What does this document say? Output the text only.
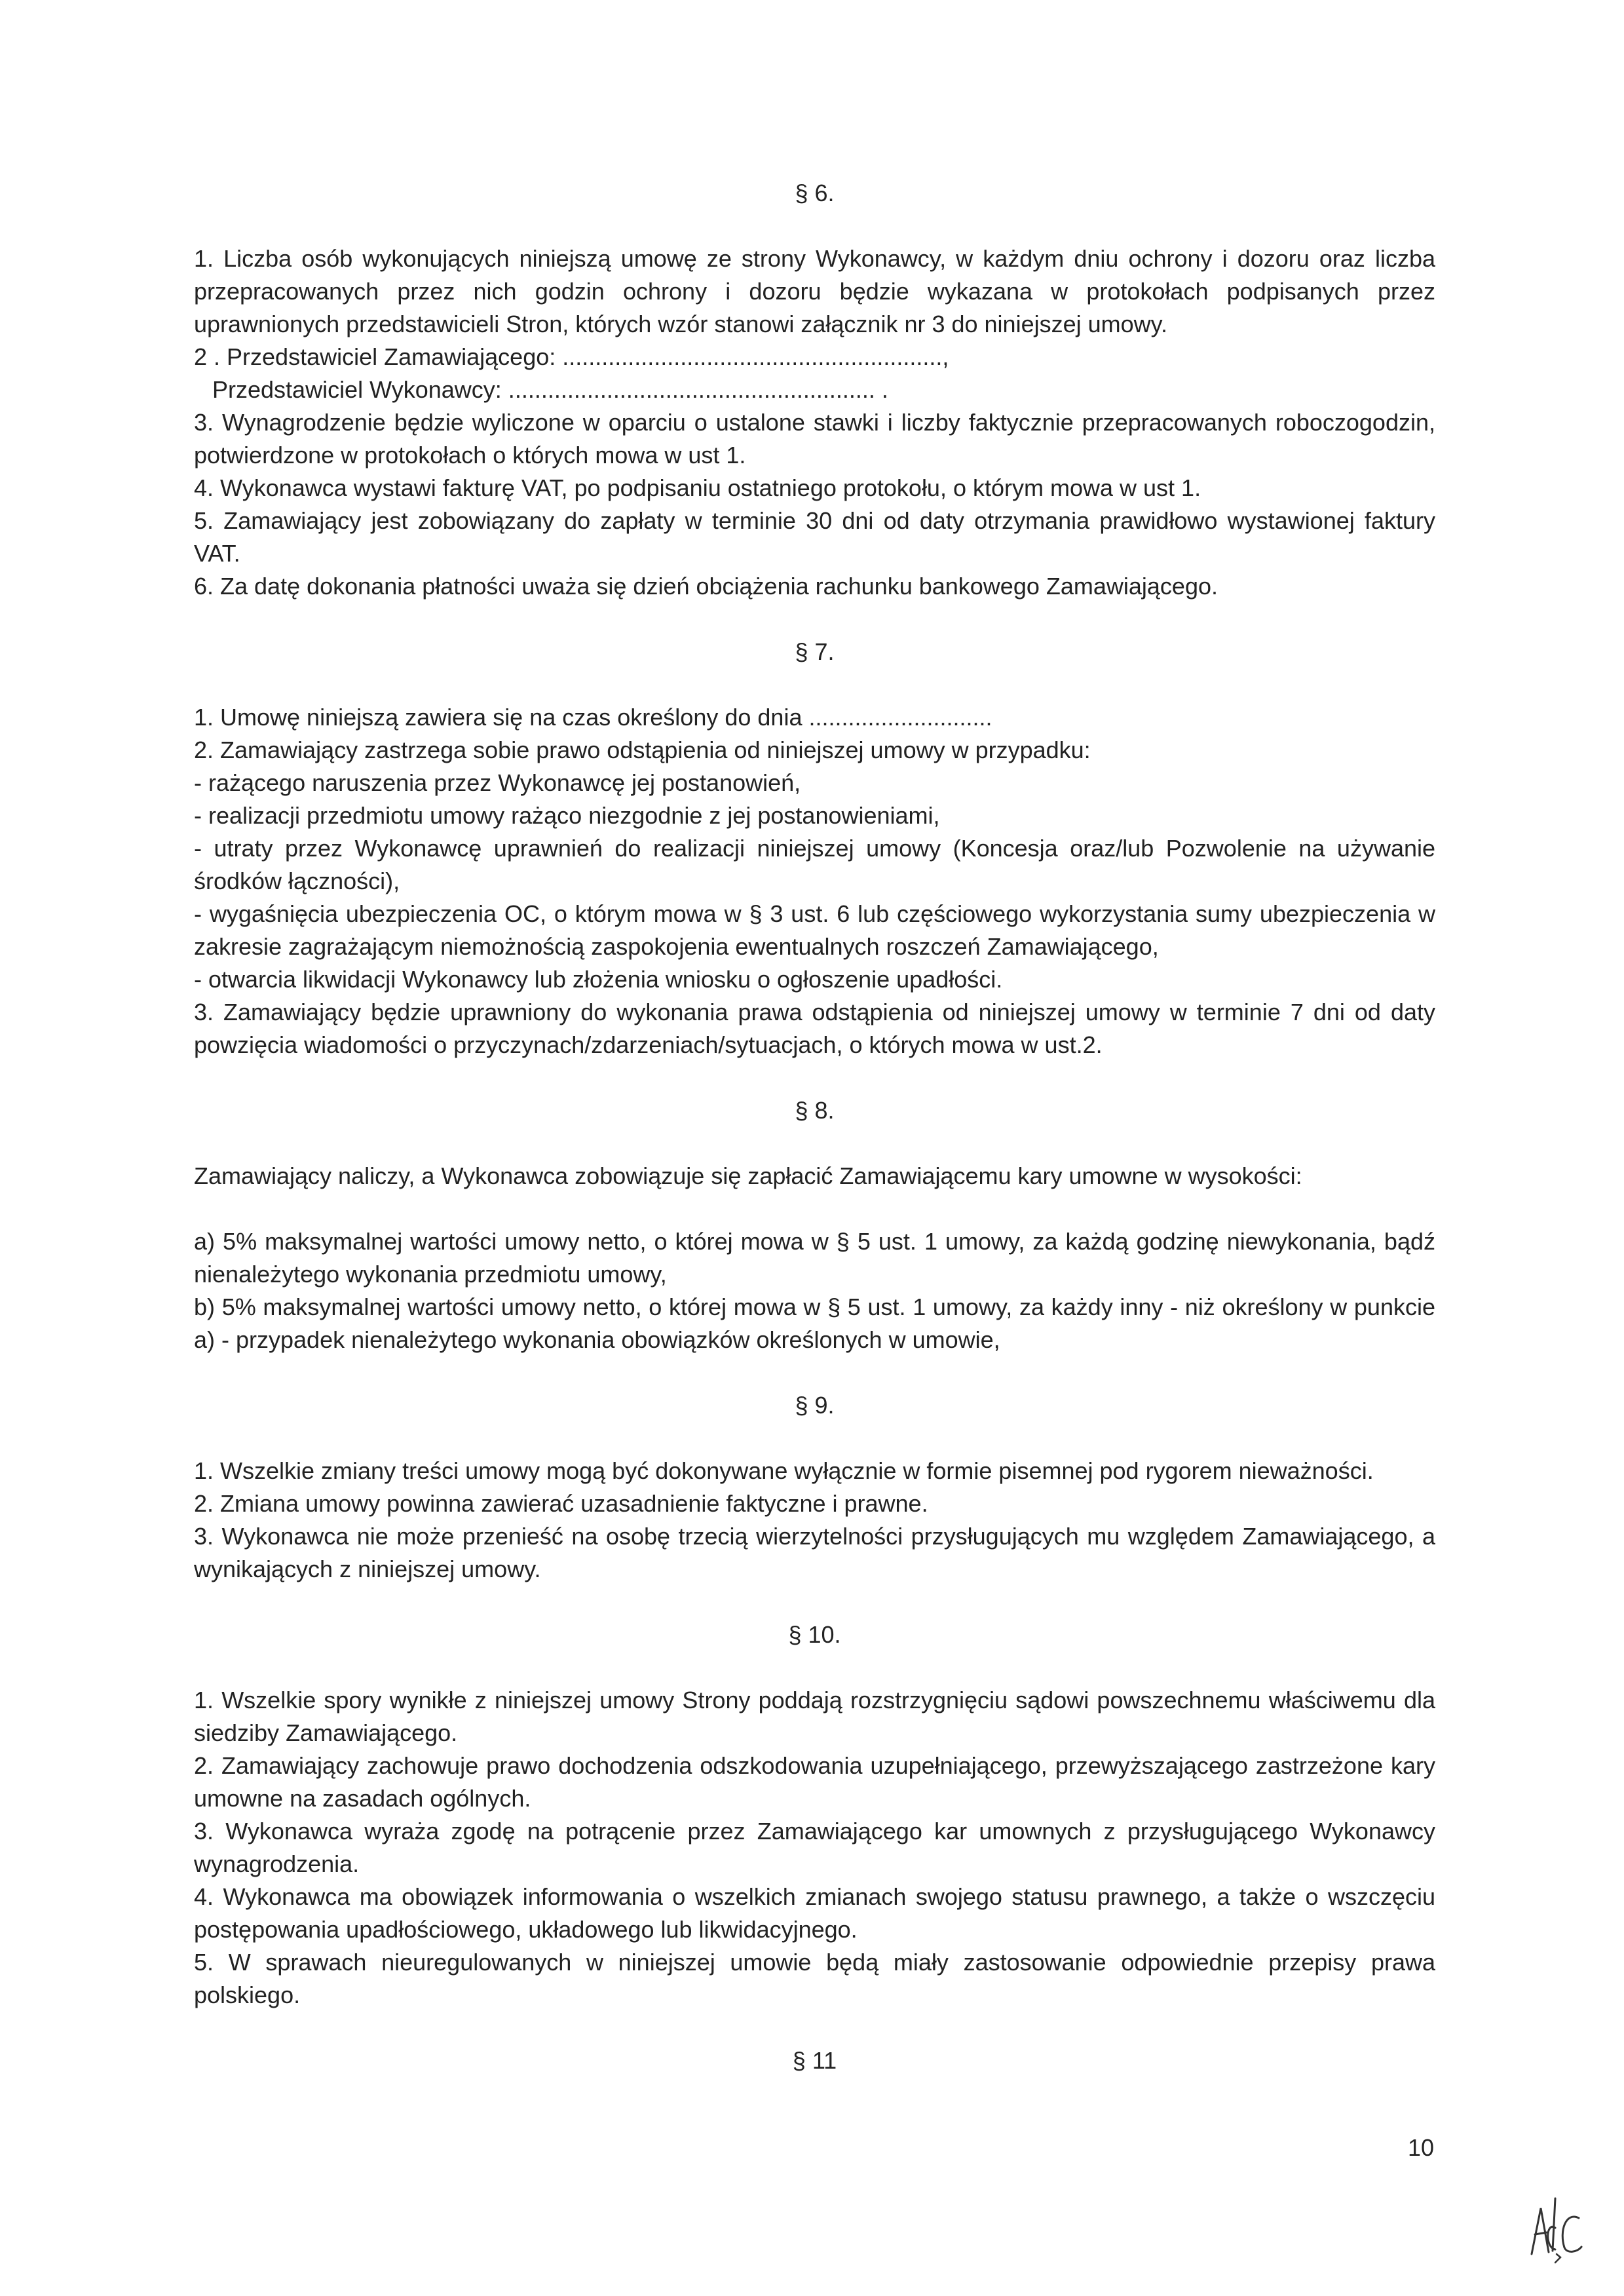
§ 6.

1. Liczba osób wykonujących niniejszą umowę ze strony Wykonawcy, w każdym dniu ochrony i dozoru oraz liczba przepracowanych przez nich godzin ochrony i dozoru będzie wykazana w protokołach podpisanych przez uprawnionych przedstawicieli Stron, których wzór stanowi załącznik nr 3 do niniejszej umowy.

2 . Przedstawiciel Zamawiającego: ..........................................................,

Przedstawiciel Wykonawcy: ........................................................ .

3. Wynagrodzenie będzie wyliczone w oparciu o ustalone stawki i liczby faktycznie przepracowanych roboczogodzin, potwierdzone w protokołach o których mowa w ust 1.

4. Wykonawca wystawi fakturę VAT, po podpisaniu ostatniego protokołu, o którym mowa w ust 1.

5. Zamawiający jest zobowiązany do zapłaty w terminie 30 dni od daty otrzymania prawidłowo wystawionej faktury VAT.

6. Za datę dokonania płatności uważa się dzień obciążenia rachunku bankowego Zamawiającego.

§ 7.

1. Umowę niniejszą zawiera się na czas określony do dnia ............................

2. Zamawiający zastrzega sobie prawo odstąpienia od niniejszej umowy w przypadku:

- rażącego naruszenia przez Wykonawcę jej postanowień,

- realizacji przedmiotu umowy rażąco niezgodnie z jej postanowieniami,

- utraty przez Wykonawcę uprawnień do realizacji niniejszej umowy (Koncesja oraz/lub Pozwolenie na używanie środków łączności),

- wygaśnięcia ubezpieczenia OC, o którym mowa w § 3 ust. 6 lub częściowego wykorzystania sumy ubezpieczenia w zakresie zagrażającym niemożnością zaspokojenia ewentualnych roszczeń Zamawiającego,

- otwarcia likwidacji Wykonawcy lub złożenia wniosku o ogłoszenie upadłości.

3. Zamawiający będzie uprawniony do wykonania prawa odstąpienia od niniejszej umowy w terminie 7 dni od daty powzięcia wiadomości o przyczynach/zdarzeniach/sytuacjach, o których mowa w ust.2.

§ 8.

Zamawiający naliczy, a Wykonawca zobowiązuje się zapłacić Zamawiającemu kary umowne w wysokości:

a) 5% maksymalnej wartości umowy netto, o której mowa w § 5 ust. 1 umowy, za każdą godzinę niewykonania, bądź nienależytego wykonania przedmiotu umowy,

b) 5% maksymalnej wartości umowy netto, o której mowa w § 5 ust. 1 umowy, za każdy inny - niż określony w punkcie a) - przypadek nienależytego wykonania obowiązków określonych w umowie,

§ 9.

1. Wszelkie zmiany treści umowy mogą być dokonywane wyłącznie w formie pisemnej pod rygorem nieważności.

2. Zmiana umowy powinna zawierać uzasadnienie faktyczne i prawne.

3. Wykonawca nie może przenieść na osobę trzecią wierzytelności przysługujących mu względem Zamawiającego, a wynikających z niniejszej umowy.

§ 10.

1. Wszelkie spory wynikłe z niniejszej umowy Strony poddają rozstrzygnięciu sądowi powszechnemu właściwemu dla siedziby Zamawiającego.

2. Zamawiający zachowuje prawo dochodzenia odszkodowania uzupełniającego, przewyższającego zastrzeżone kary umowne na zasadach ogólnych.

3. Wykonawca wyraża zgodę na potrącenie przez Zamawiającego kar umownych z przysługującego Wykonawcy wynagrodzenia.

4. Wykonawca ma obowiązek informowania o wszelkich zmianach swojego statusu prawnego, a także o wszczęciu postępowania upadłościowego, układowego lub likwidacyjnego.

5. W sprawach nieuregulowanych w niniejszej umowie będą miały zastosowanie odpowiednie przepisy prawa polskiego.

§ 11

10
